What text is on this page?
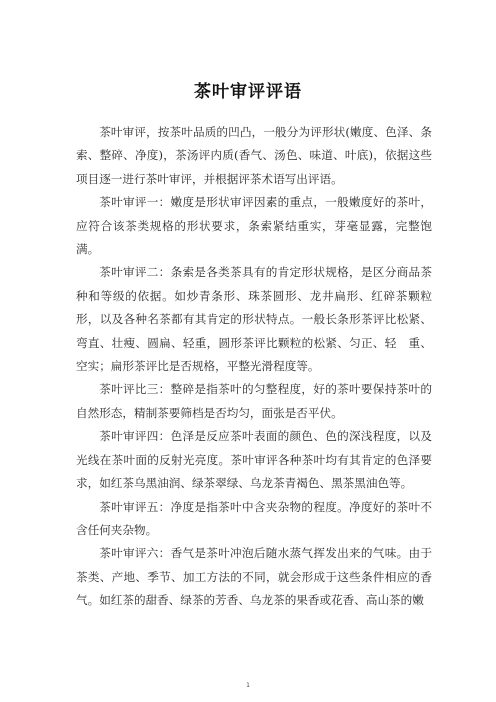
茶叶审评评语

茶叶审评，按茶叶品质的凹凸，一般分为评形状(嫩度、色泽、条索、整碎、净度)，茶汤评内质(香气、汤色、味道、叶底)，依据这些项目逐一进行茶叶审评，并根据评茶术语写出评语。

茶叶审评一：嫩度是形状审评因素的重点，一般嫩度好的茶叶，应符合该茶类规格的形状要求，条索紧结重实，芽毫显露，完整饱满。

茶叶审评二：条索是各类茶具有的肯定形状规格，是区分商品茶种和等级的依据。如炒青条形、珠茶圆形、龙井扁形、红碎茶颗粒形，以及各种名茶都有其肯定的形状特点。一般长条形茶评比松紧、弯直、壮瘦、圆扁、轻重，圆形茶评比颗粒的松紧、匀正、轻　重、空实；扁形茶评比是否规格，平整光滑程度等。

茶叶评比三：整碎是指茶叶的匀整程度，好的茶叶要保持茶叶的自然形态，精制茶要筛档是否均匀，面张是否平伏。

茶叶审评四：色泽是反应茶叶表面的颜色、色的深浅程度，以及光线在茶叶面的反射光亮度。茶叶审评各种茶叶均有其肯定的色泽要求，如红茶乌黑油润、绿茶翠绿、乌龙茶青褐色、黑茶黑油色等。

茶叶审评五：净度是指茶叶中含夹杂物的程度。净度好的茶叶不含任何夹杂物。

茶叶审评六：香气是茶叶冲泡后随水蒸气挥发出来的气味。由于茶类、产地、季节、加工方法的不同，就会形成于这些条件相应的香气。如红茶的甜香、绿茶的芳香、乌龙茶的果香或花香、高山茶的嫩

1
